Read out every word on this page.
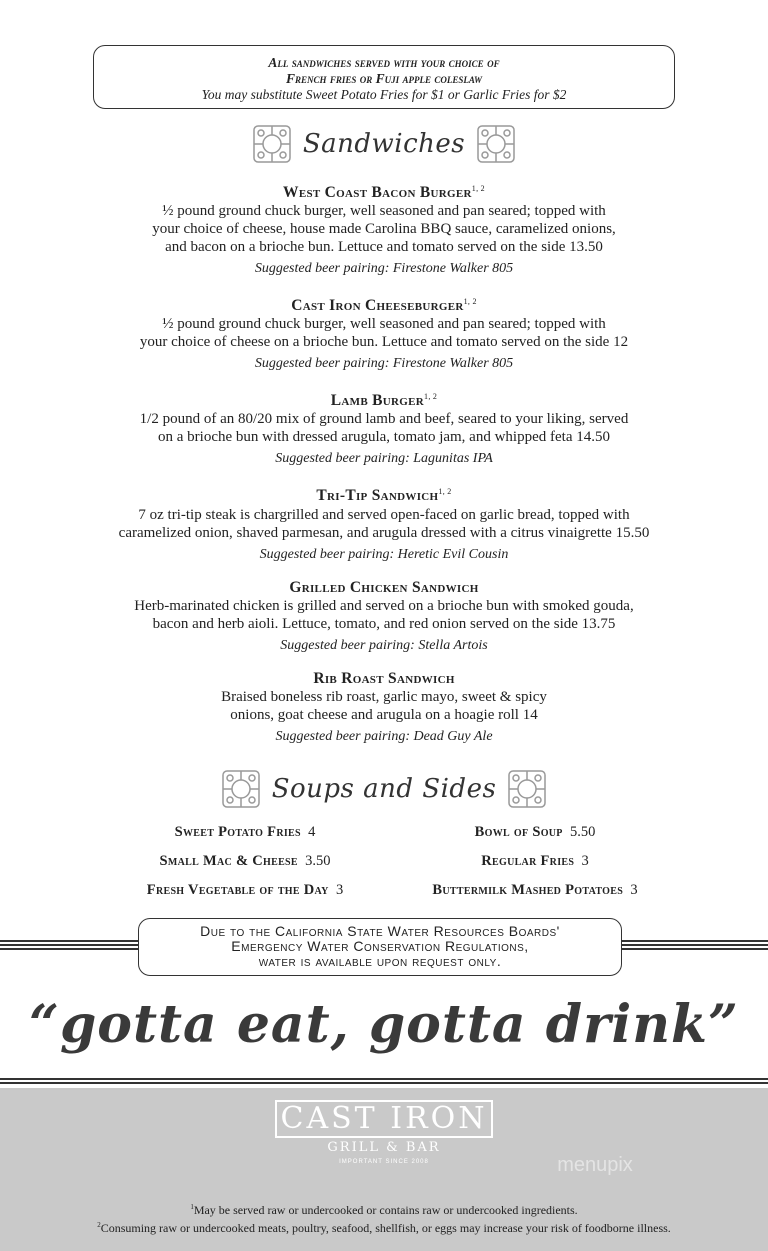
All sandwiches served with your choice of
French fries or Fuji apple coleslaw
You may substitute Sweet Potato Fries for $1 or Garlic Fries for $2
Sandwiches
West Coast Bacon Burger$^{1, 2}$
½ pound ground chuck burger, well seasoned and pan seared; topped with
your choice of cheese, house made Carolina BBQ sauce, caramelized onions,
and bacon on a brioche bun. Lettuce and tomato served on the side 13.50
Suggested beer pairing: Firestone Walker 805
Cast Iron Cheeseburger$^{1, 2}$
½ pound ground chuck burger, well seasoned and pan seared; topped with
your choice of cheese on a brioche bun. Lettuce and tomato served on the side 12
Suggested beer pairing: Firestone Walker 805
Lamb Burger$^{1, 2}$
1/2 pound of an 80/20 mix of ground lamb and beef, seared to your liking, served
on a brioche bun with dressed arugula, tomato jam, and whipped feta 14.50
Suggested beer pairing: Lagunitas IPA
Tri-Tip Sandwich$^{1, 2}$
7 oz tri-tip steak is chargrilled and served open-faced on garlic bread, topped with
caramelized onion, shaved parmesan, and arugula dressed with a citrus vinaigrette 15.50
Suggested beer pairing: Heretic Evil Cousin
Grilled Chicken Sandwich
Herb-marinated chicken is grilled and served on a brioche bun with smoked gouda,
bacon and herb aioli. Lettuce, tomato, and red onion served on the side 13.75
Suggested beer pairing: Stella Artois
Rib Roast Sandwich
Braised boneless rib roast, garlic mayo, sweet & spicy
onions, goat cheese and arugula on a hoagie roll 14
Suggested beer pairing: Dead Guy Ale
Soups and Sides
Sweet Potato Fries 4	Bowl of Soup 5.50
Small Mac & Cheese 3.50	Regular Fries 3
Fresh Vegetable of the Day 3	Buttermilk Mashed Potatoes 3
Due to the California State Water Resources Boards'
Emergency Water Conservation Regulations,
water is available upon request only.
“gotta eat, gotta drink”
CAST IRON
GRILL & BAR
IMPORTANT SINCE 2008	menupix
$^1$May be served raw or undercooked or contains raw or undercooked ingredients.
$^2$Consuming raw or undercooked meats, poultry, seafood, shellfish, or eggs may increase your risk of foodborne illness.
